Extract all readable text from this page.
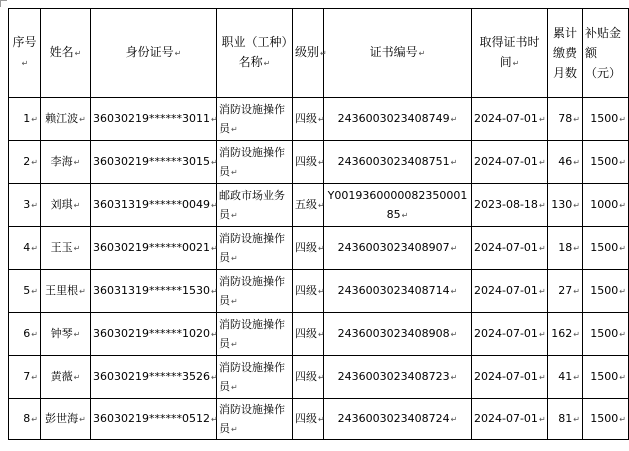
序号 ↵	姓名 ↵	身份证号 ↵	职业（工种）名称 ↵	级别 ↵	证书编号 ↵	取得证书时间 ↵	累计缴费月数	补贴金额（元）
1 ↵	赖江波 ↵	36030219******3011 ↵	消防设施操作员 ↵	四级 ↵	2436003023408749 ↵	2024-07-01 ↵	78 ↵	1500 ↵
2 ↵	李海 ↵	36030219******3015 ↵	消防设施操作员 ↵	四级 ↵	2436003023408751 ↵	2024-07-01 ↵	46 ↵	1500 ↵
3 ↵	刘琪 ↵	36031319******0049 ↵	邮政市场业务员 ↵	五级 ↵	Y001936000008235000185 ↵	2023-08-18 ↵	130 ↵	1000 ↵
4 ↵	王玉 ↵	36030219******0021 ↵	消防设施操作员 ↵	四级 ↵	2436003023408907 ↵	2024-07-01 ↵	18 ↵	1500 ↵
5 ↵	王里根 ↵	36031319******1530 ↵	消防设施操作员 ↵	四级 ↵	2436003023408714 ↵	2024-07-01 ↵	27 ↵	1500 ↵
6 ↵	钟琴 ↵	36030219******1020 ↵	消防设施操作员 ↵	四级 ↵	2436003023408908 ↵	2024-07-01 ↵	162 ↵	1500 ↵
7 ↵	黄薇 ↵	36030219******3526 ↵	消防设施操作员 ↵	四级 ↵	2436003023408723 ↵	2024-07-01 ↵	41 ↵	1500 ↵
8 ↵	彭世海 ↵	36030219******0512 ↵	消防设施操作员 ↵	四级 ↵	2436003023408724 ↵	2024-07-01 ↵	81 ↵	1500 ↵
